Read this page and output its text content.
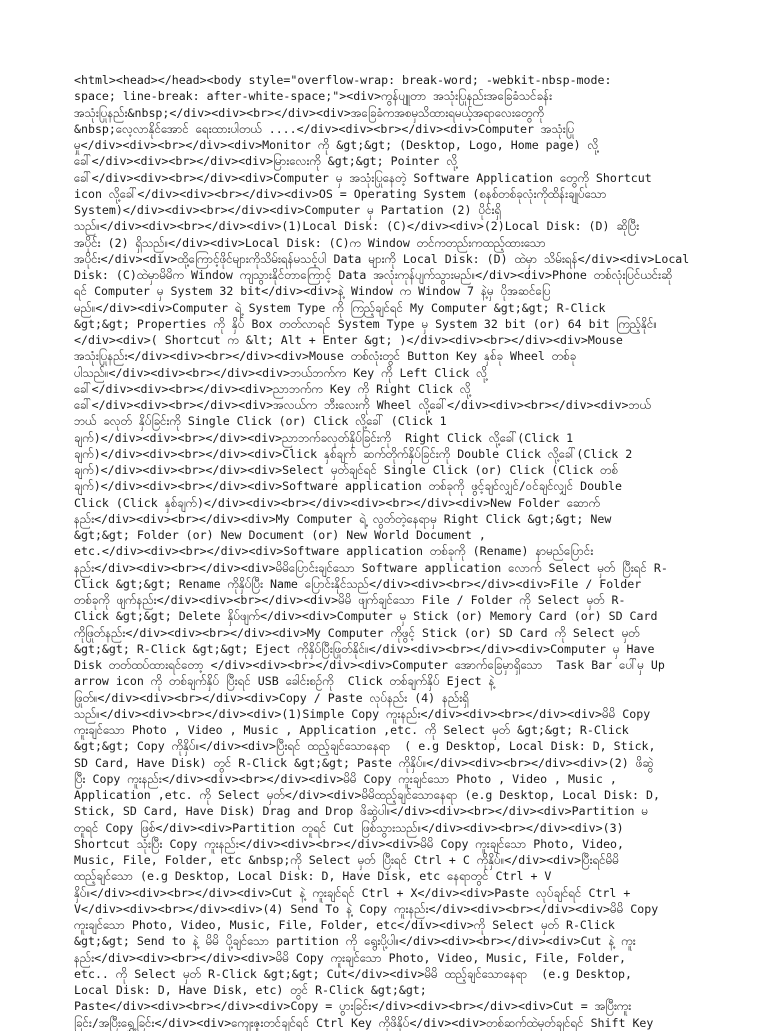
<html><head></head><body style="overflow-wrap: break-word; -webkit-nbsp-mode:
space; line-break: after-white-space;"><div>ကွန်ပျူတာ အသုံးပြုနည်းအခြေခံသင်ခန်း
အသုံးပြုနည်း&nbsp;</div><div><br></div><div>အခြေခံကအစမှသိထားရမယ့်အရာလေးတွေကို
&nbsp;လေ့လာနိုင်အောင် ရေးထားပါတယ် ....</div><div><br></div><div>Computer အသုံးပြု
မှု</div><div><br></div><div>Monitor ကို &gt;&gt; (Desktop, Logo, Home page) လို့
ခေါ်</div><div><br></div><div>မြားလေးကို &gt;&gt; Pointer လို့
ခေါ်</div><div><br></div><div>Computer မှ အသုံးပြုနေတဲ့ Software Application တွေကို Shortcut
icon လို့ခေါ်</div><div><br></div><div>OS = Operating System (စနစ်တစ်ခုလုံးကိုထိန်းချုပ်သော
System)</div><div><br></div><div>Computer မှ Partation (2) ပိုင်းရှိ
သည်။</div><div><br></div><div>(1)Local Disk: (C)</div><div>(2)Local Disk: (D) ဆိုပြီး
အပိုင်း (2) ရှိသည်။</div><div>Local Disk: (C)က Window တင်ကတည်းကထည့်ထားသော
အပိုင်း</div><div>ထို့ကြောင့်ဖိုင်များကိုသိမ်းရန်မသင့်ပါ Data များကို Local Disk: (D) ထဲမှာ သိမ်းရန်</div><div>Local
Disk: (C)ထဲမှာမိမိက Window ကျသွားနိုင်တာကြောင့် Data အလုံးကုန်ပျက်သွားမည်။</div><div>Phone တစ်လုံးပြင်ယင်းဆို
ရင် Computer မှ System 32 bit</div><div>နဲ့ Window က Window 7 နဲ့မှ ပိုအဆင်ပြေ
မည်။</div><div>Computer ရဲ့ System Type ကို ကြည့်ချင်ရင် My Computer &gt;&gt; R-Click
&gt;&gt; Properties ကို နှိပ် Box တတ်လာရင် System Type မှ System 32 bit (or) 64 bit ကြည့်နိုင်။
</div><div>( Shortcut က &lt; Alt + Enter &gt; )</div><div><br></div><div>Mouse
အသုံးပြုနည်း</div><div><br></div><div>Mouse တစ်လုံးတွင် Button Key နှစ်ခု Wheel တစ်ခု
ပါသည်။</div><div><br></div><div>ဘယ်ဘက်က Key ကို Left Click လို့
ခေါ်</div><div><br></div><div>ညာဘက်က Key ကို Right Click လို့
ခေါ်</div><div><br></div><div>အလယ်က ဘီးလေးကို Wheel လို့ခေါ်</div><div><br></div><div>ဘယ်
ဘယ် ခလုတ် နှိပ်ခြင်းကို Single Click (or) Click လို့ခေါ် (Click 1
ချက်)</div><div><br></div><div>ညာဘက်ခလုတ်နှိပ်ခြင်းကို  Right Click လို့ခေါ်(Click 1
ချက်)</div><div><br></div><div>Click နှစ်ချက် ဆက်တိုက်နှိပ်ခြင်းကို Double Click လို့ခေါ်(Click 2
ချက်)</div><div><br></div><div>Select မှတ်ချင်ရင် Single Click (or) Click (Click တစ်
ချက်)</div><div><br></div><div>Software application တစ်ခုကို ဖွင့်ချင်လျှင်/ဝင်ချင်လျှင် Double
Click (Click နှစ်ချက်)</div><div><br></div><div><br></div><div>New Folder ဆောက်
နည်း</div><div><br></div><div>My Computer ရဲ့ လွတ်တဲ့နေရာမှ Right Click &gt;&gt; New
&gt;&gt; Folder (or) New Document (or) New World Document ,
etc.</div><div><br></div><div>Software application တစ်ခုကို (Rename) နာမည်ပြောင်း
နည်း</div><div><br></div><div>မိမိပြောင်းချင်သော Software application လောက် Select မှတ် ပြီးရင် R-
Click &gt;&gt; Rename ကိုနှိပ်ပြီး Name ပြောင်းနိုင်သည်</div><div><br></div><div>File / Folder
တစ်ခုကို ဖျက်နည်း</div><div><br></div><div>မိမိ ဖျက်ချင်သော File / Folder ကို Select မှတ် R-
Click &gt;&gt; Delete နှိပ်ဖျက်</div><div>Computer မှ Stick (or) Memory Card (or) SD Card
ကိုဖြုတ်နည်း</div><div><br></div><div>My Computer ကိုဖွင့် Stick (or) SD Card ကို Select မှတ်
&gt;&gt; R-Click &gt;&gt; Eject ကိုနှိပ်ပြီးဖြုတ်နိုင်။</div><div><br></div><div>Computer မှ Have
Disk တတ်ထပ်ထားရင်တော့ </div><div><br></div><div>Computer အောက်ခြေမှာရှိသော  Task Bar ပေါ်မှ Up
arrow icon ကို တစ်ချက်နှိပ် ပြီးရင် USB ခေါင်းစဉ်ကို  Click တစ်ချက်နှိပ် Eject နဲ့
ဖြုတ်။</div><div><br></div><div>Copy / Paste လုပ်နည်း (4) နည်းရှိ
သည်။</div><div><br></div><div>(1)Simple Copy ကူးနည်း</div><div><br></div><div>မိမိ Copy
ကူးချင်သော Photo , Video , Music , Application ,etc. ကို Select မှတ် &gt;&gt; R-Click
&gt;&gt; Copy ကိုနှိပ်။</div><div>ပြီးရင် ထည့်ချင်သောနေရာ  ( e.g Desktop, Local Disk: D, Stick,
SD Card, Have Disk) တွင် R-Click &gt;&gt; Paste ကိုနှိပ်။</div><div><br></div><div>(2) ဖိဆွဲ
ပြီး Copy ကူးနည်း</div><div><br></div><div>မိမိ Copy ကူးချင်သော Photo , Video , Music ,
Application ,etc. ကို Select မှတ်</div><div>မိမိထည့်ချင်သောနေရာ (e.g Desktop, Local Disk: D,
Stick, SD Card, Have Disk) Drag and Drop ဖိဆွဲပါ။</div><div><br></div><div>Partition မ
တူရင် Copy ဖြစ်</div><div>Partition တူရင် Cut ဖြစ်သွားသည်။</div><div><br></div><div>(3)
Shortcut သုံးပြီး Copy ကူးနည်း</div><div><br></div><div>မိမိ Copy ကူးချင်သော Photo, Video,
Music, File, Folder, etc &nbsp;ကို Select မှတ် ပြီးရင် Ctrl + C ကိုနှိပ်။</div><div>ပြီးရင်မိမိ
ထည့်ချင်သော (e.g Desktop, Local Disk: D, Have Disk, etc နေရာတွင် Ctrl + V
နှိပ်။</div><div><br></div><div>Cut နဲ့ ကူးချင်ရင် Ctrl + X</div><div>Paste လုပ်ချင်ရင် Ctrl +
V</div><div><br></div><div>(4) Send To နဲ့ Copy ကူးနည်း</div><div><br></div><div>မိမိ Copy
ကူးချင်သော Photo, Video, Music, File, Folder, etc</div><div>ကို Select မှတ် R-Click
&gt;&gt; Send to နဲ့ မိမိ ပို့ချင်သော partition ကို ရွေးပို့ပါ။</div><div><br></div><div>Cut နဲ့ ကူး
နည်း</div><div><br></div><div>မိမိ Copy ကူးချင်သော Photo, Video, Music, File, Folder,
etc.. ကို Select မှတ် R-Click &gt;&gt; Cut</div><div>မိမိ ထည့်ချင်သောနေရာ  (e.g Desktop,
Local Disk: D, Have Disk, etc) တွင် R-Click &gt;&gt;
Paste</div><div><br></div><div>Copy = ပွားခြင်း</div><div><br></div><div>Cut = အပြီးကူး
ခြင်း/အပြီးရွှေ့ခြင်း</div><div>ကျေးဇူးတင်ချင်ရင် Ctrl Key ကိုဖိနှိပ်</div><div>တစ်ဆက်ထဲမှတ်ချင်ရင် Shift Key
